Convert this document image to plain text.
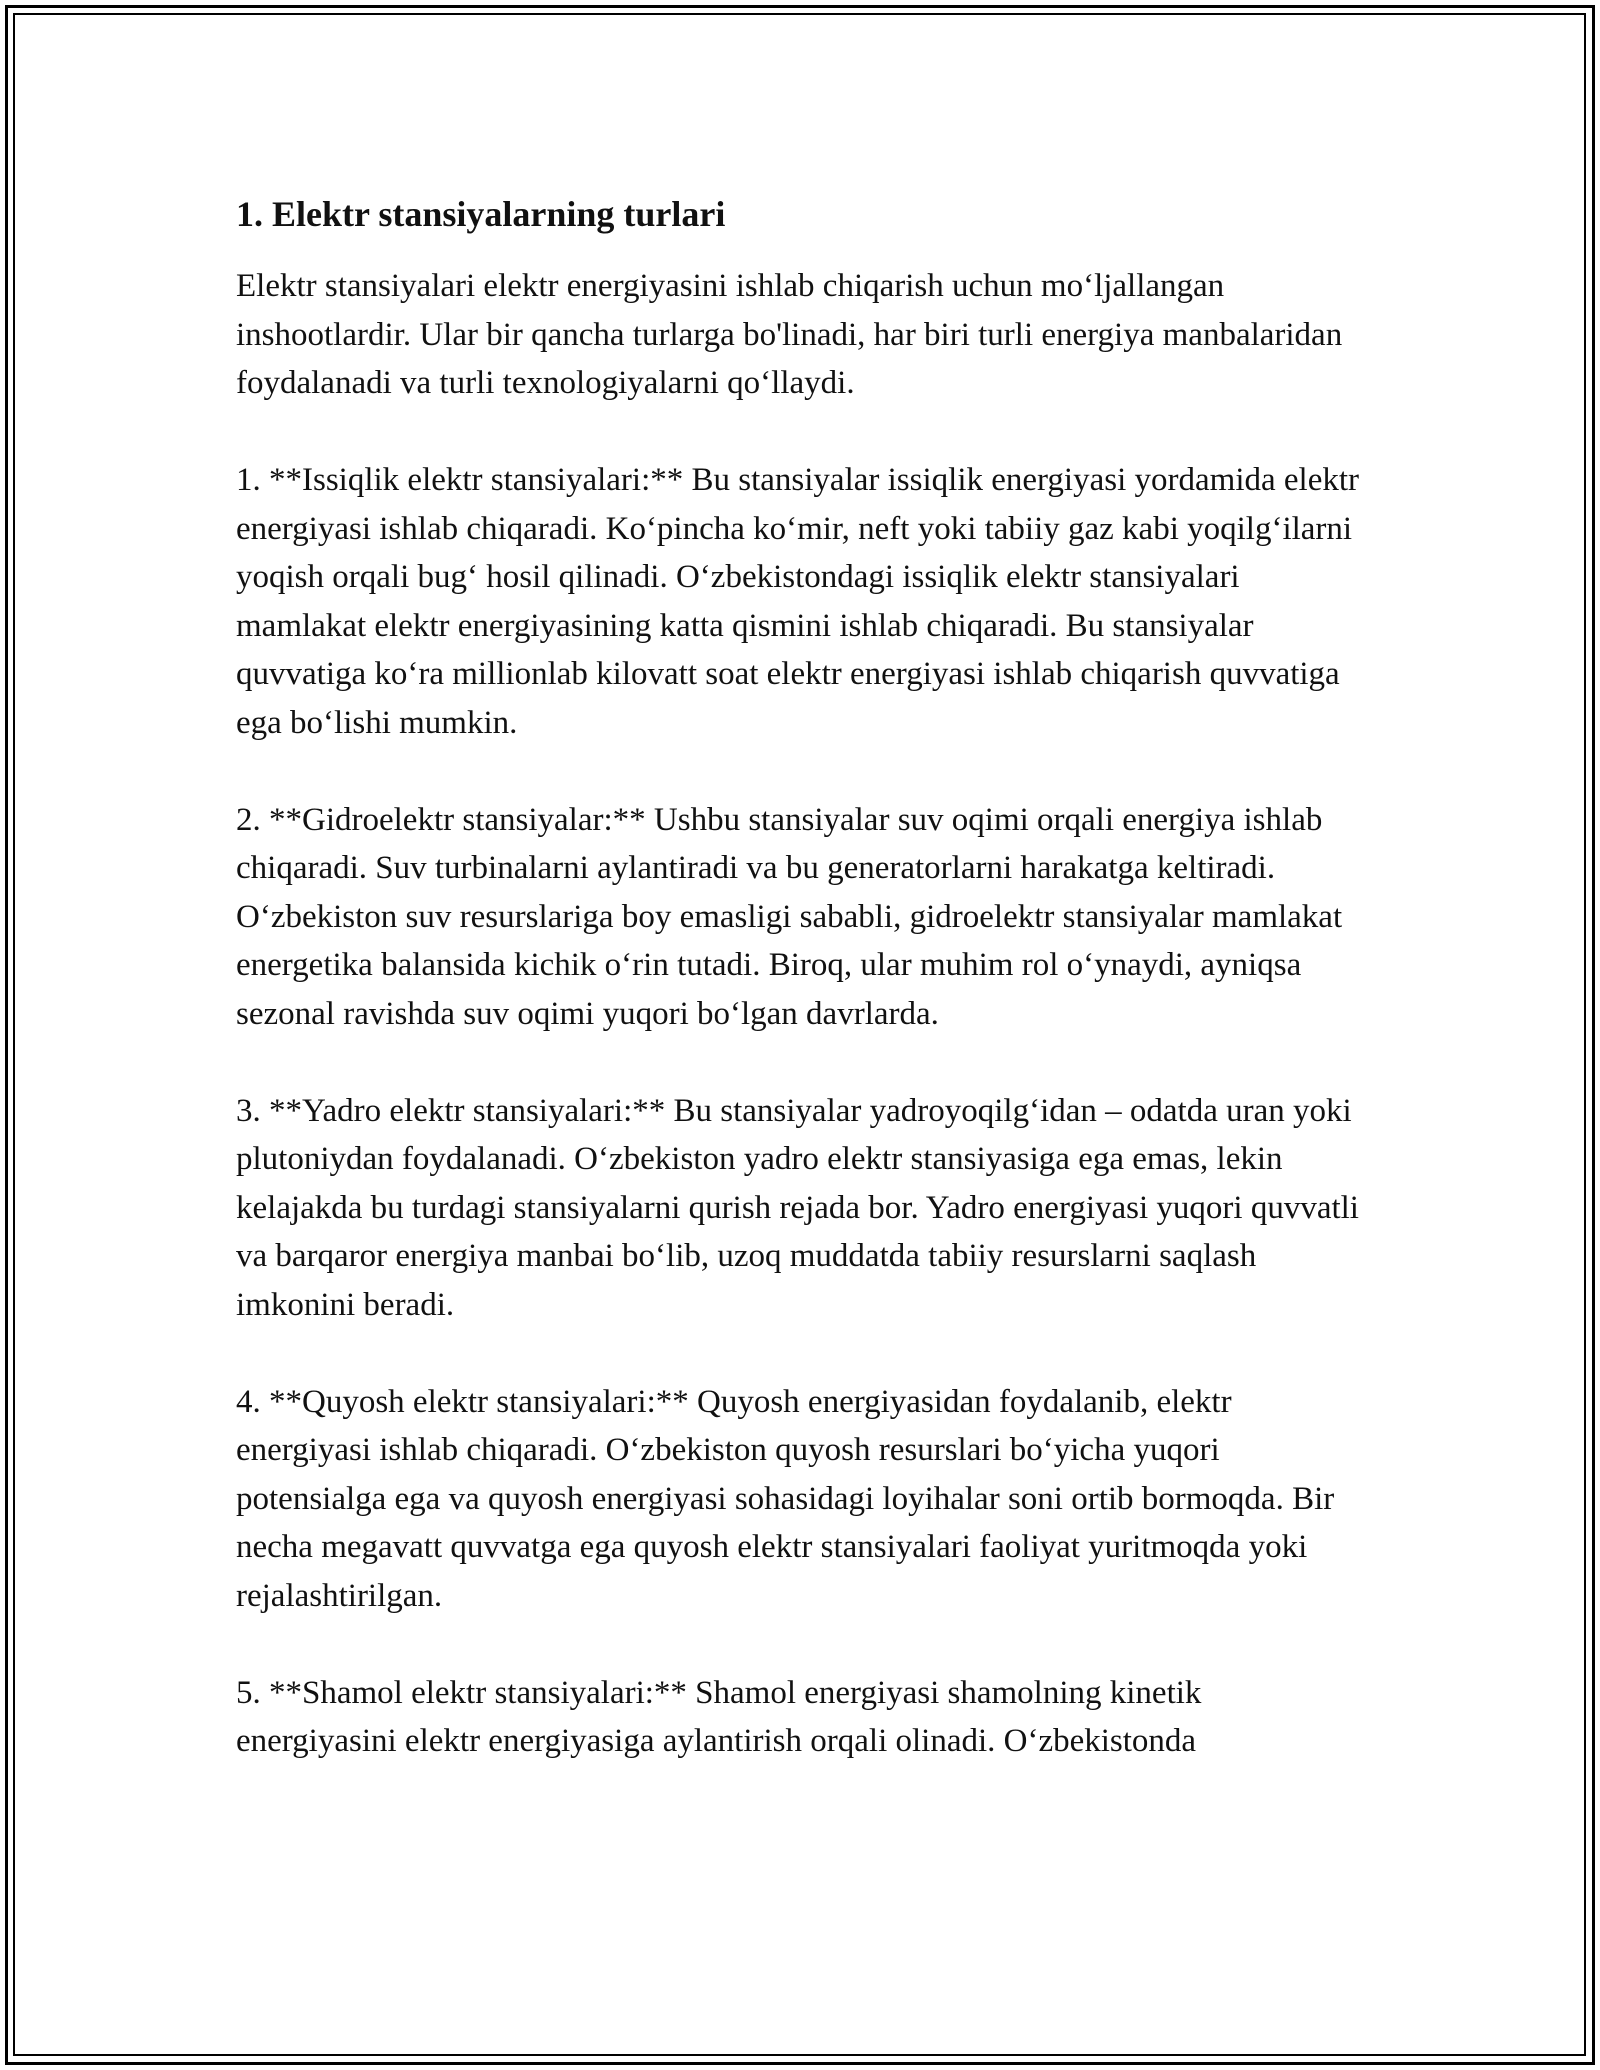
1. Elektr stansiyalarning turlari

Elektr stansiyalari elektr energiyasini ishlab chiqarish uchun mo‘ljallangan inshootlardir. Ular bir qancha turlarga bo'linadi, har biri turli energiya manbalaridan foydalanadi va turli texnologiyalarni qo‘llaydi.

1. **Issiqlik elektr stansiyalari:** Bu stansiyalar issiqlik energiyasi yordamida elektr energiyasi ishlab chiqaradi. Ko‘pincha ko‘mir, neft yoki tabiiy gaz kabi yoqilg‘ilarni yoqish orqali bug‘ hosil qilinadi. O‘zbekistondagi issiqlik elektr stansiyalari mamlakat elektr energiyasining katta qismini ishlab chiqaradi. Bu stansiyalar quvvatiga ko‘ra millionlab kilovatt soat elektr energiyasi ishlab chiqarish quvvatiga ega bo‘lishi mumkin.

2. **Gidroelektr stansiyalar:** Ushbu stansiyalar suv oqimi orqali energiya ishlab chiqaradi. Suv turbinalarni aylantiradi va bu generatorlarni harakatga keltiradi. O‘zbekiston suv resurslariga boy emasligi sababli, gidroelektr stansiyalar mamlakat energetika balansida kichik o‘rin tutadi. Biroq, ular muhim rol o‘ynaydi, ayniqsa sezonal ravishda suv oqimi yuqori bo‘lgan davrlarda.

3. **Yadro elektr stansiyalari:** Bu stansiyalar yadroyoqilg‘idan – odatda uran yoki plutoniydan foydalanadi. O‘zbekiston yadro elektr stansiyasiga ega emas, lekin kelajakda bu turdagi stansiyalarni qurish rejada bor. Yadro energiyasi yuqori quvvatli va barqaror energiya manbai bo‘lib, uzoq muddatda tabiiy resurslarni saqlash imkonini beradi.

4. **Quyosh elektr stansiyalari:** Quyosh energiyasidan foydalanib, elektr energiyasi ishlab chiqaradi. O‘zbekiston quyosh resurslari bo‘yicha yuqori potensialga ega va quyosh energiyasi sohasidagi loyihalar soni ortib bormoqda. Bir necha megavatt quvvatga ega quyosh elektr stansiyalari faoliyat yuritmoqda yoki rejalashtirilgan.

5. **Shamol elektr stansiyalari:** Shamol energiyasi shamolning kinetik energiyasini elektr energiyasiga aylantirish orqali olinadi. O‘zbekistonda
